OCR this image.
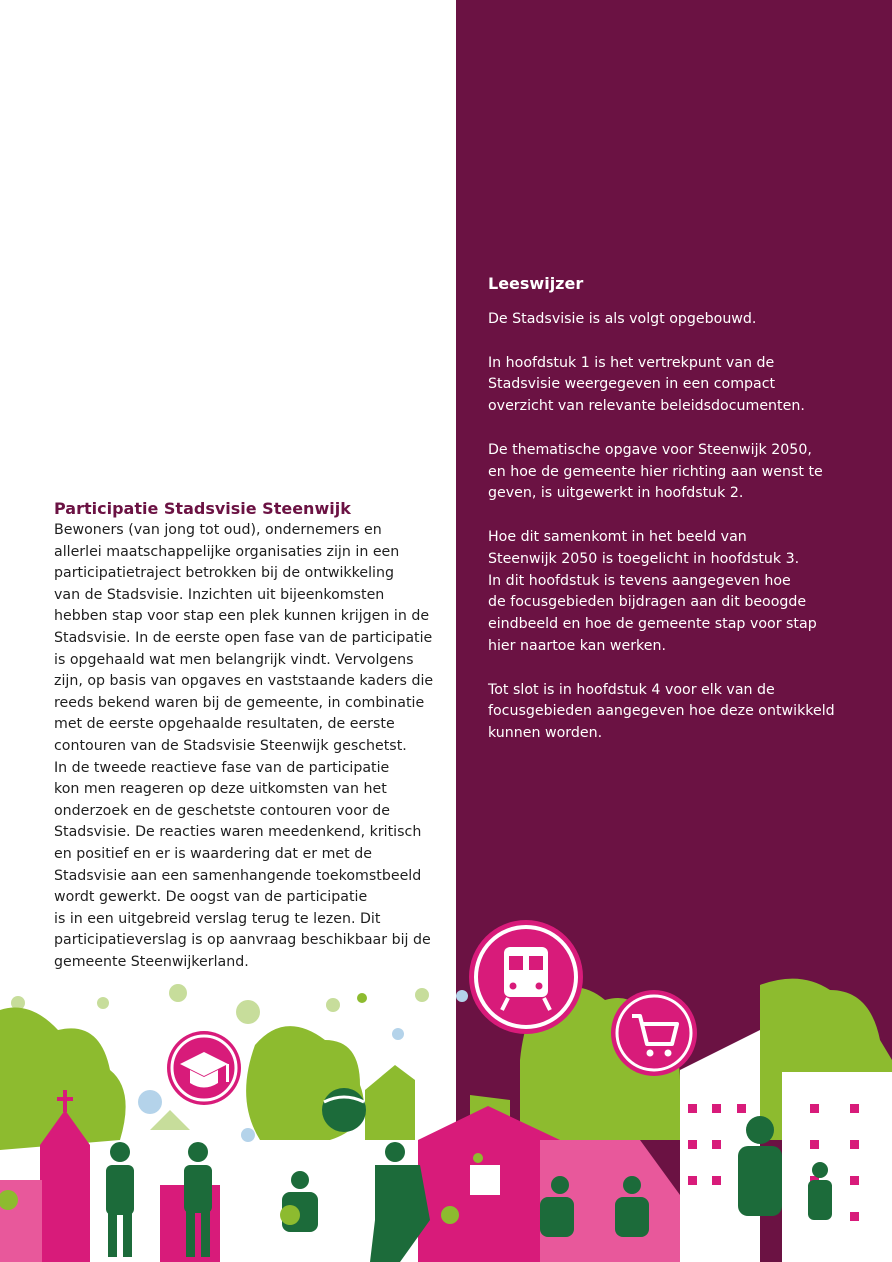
Participatie Stadsvisie Steenwijk

Bewoners (van jong tot oud), ondernemers en
allerlei maatschappelijke organisaties zijn in een
participatietraject betrokken bij de ontwikkeling
van de Stadsvisie. Inzichten uit bijeenkomsten
hebben stap voor stap een plek kunnen krijgen in de
Stadsvisie. In de eerste open fase van de participatie
is opgehaald wat men belangrijk vindt. Vervolgens
zijn, op basis van opgaves en vaststaande kaders die
reeds bekend waren bij de gemeente, in combinatie
met de eerste opgehaalde resultaten, de eerste
contouren van de Stadsvisie Steenwijk geschetst.
In de tweede reactieve fase van de participatie
kon men reageren op deze uitkomsten van het
onderzoek en de geschetste contouren voor de
Stadsvisie. De reacties waren meedenkend, kritisch
en positief en er is waardering dat er met de
Stadsvisie aan een samenhangende toekomstbeeld
wordt gewerkt. De oogst van de participatie
is in een uitgebreid verslag terug te lezen. Dit
participatieverslag is op aanvraag beschikbaar bij de
gemeente Steenwijkerland.

Leeswijzer

De Stadsvisie is als volgt opgebouwd.

In hoofdstuk 1 is het vertrekpunt van de
Stadsvisie weergegeven in een compact
overzicht van relevante beleidsdocumenten.

De thematische opgave voor Steenwijk 2050,
en hoe de gemeente hier richting aan wenst te
geven, is uitgewerkt in hoofdstuk 2.

Hoe dit samenkomt in het beeld van
Steenwijk 2050 is toegelicht in hoofdstuk 3.
In dit hoofdstuk is tevens aangegeven hoe
de focusgebieden bijdragen aan dit beoogde
eindbeeld en hoe de gemeente stap voor stap
hier naartoe kan werken.

Tot slot is in hoofdstuk 4 voor elk van de
focusgebieden aangegeven hoe deze ontwikkeld
kunnen worden.
